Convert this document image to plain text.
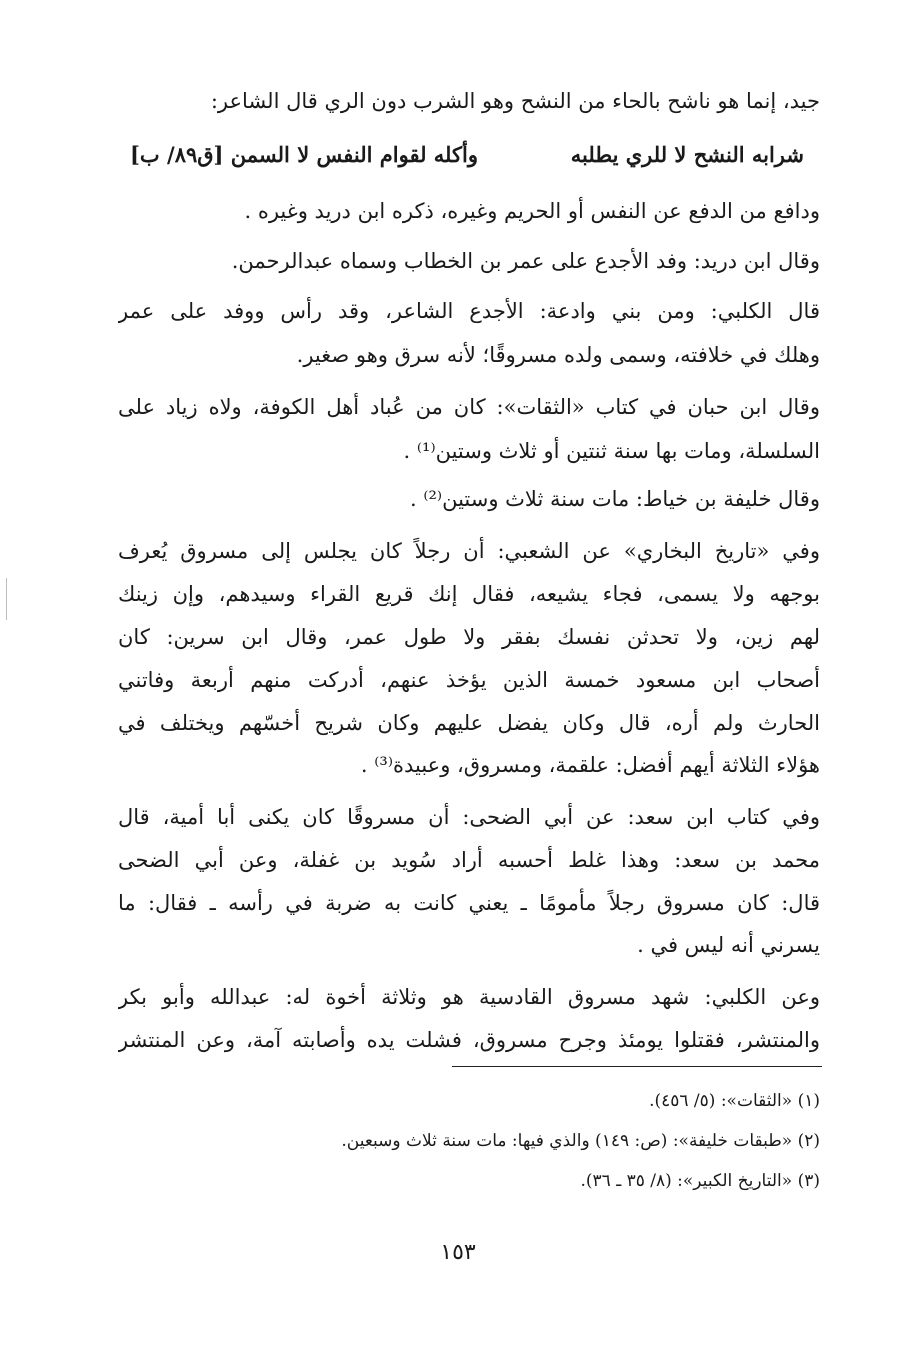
جيد، إنما هو ناشح بالحاء من النشح وهو الشرب دون الري قال الشاعر:
شرابه النشح لا للري يطلبه
وأكله لقوام النفس لا السمن [ق٨٩/ ب]
ودافع من الدفع عن النفس أو الحريم وغيره، ذكره ابن دريد وغيره .
وقال ابن دريد: وفد الأجدع على عمر بن الخطاب وسماه عبدالرحمن.
قال الكلبي: ومن بني وادعة: الأجدع الشاعر، وقد رأس ووفد على عمر
وهلك في خلافته، وسمى ولده مسروقًا؛ لأنه سرق وهو صغير.
وقال ابن حبان في كتاب «الثقات»: كان من عُباد أهل الكوفة، ولاه زياد على
السلسلة، ومات بها سنة ثنتين أو ثلاث وستين⁽¹⁾ .
وقال خليفة بن خياط: مات سنة ثلاث وستين⁽²⁾ .
وفي «تاريخ البخاري» عن الشعبي: أن رجلاً كان يجلس إلى مسروق يُعرف
بوجهه ولا يسمى، فجاء يشيعه، فقال إنك قريع القراء وسيدهم، وإن زينك
لهم زين، ولا تحدثن نفسك بفقر ولا طول عمر، وقال ابن سرين: كان
أصحاب ابن مسعود خمسة الذين يؤخذ عنهم، أدركت منهم أربعة وفاتني
الحارث ولم أره، قال وكان يفضل عليهم وكان شريح أخسّهم ويختلف في
هؤلاء الثلاثة أيهم أفضل: علقمة، ومسروق، وعبيدة⁽³⁾ .
وفي كتاب ابن سعد: عن أبي الضحى: أن مسروقًا كان يكنى أبا أمية، قال
محمد بن سعد: وهذا غلط أحسبه أراد سُويد بن غفلة، وعن أبي الضحى
قال: كان مسروق رجلاً مأمومًا ـ يعني كانت به ضربة في رأسه ـ فقال: ما
يسرني أنه ليس في .
وعن الكلبي: شهد مسروق القادسية هو وثلاثة أخوة له: عبدالله وأبو بكر
والمنتشر، فقتلوا يومئذ وجرح مسروق، فشلت يده وأصابته آمة، وعن المنتشر
(١) «الثقات»: (٥/ ٤٥٦).
(٢) «طبقات خليفة»: (ص: ١٤٩) والذي فيها: مات سنة ثلاث وسبعين.
(٣) «التاريخ الكبير»: (٨/ ٣٥ ـ ٣٦).
١٥٣
